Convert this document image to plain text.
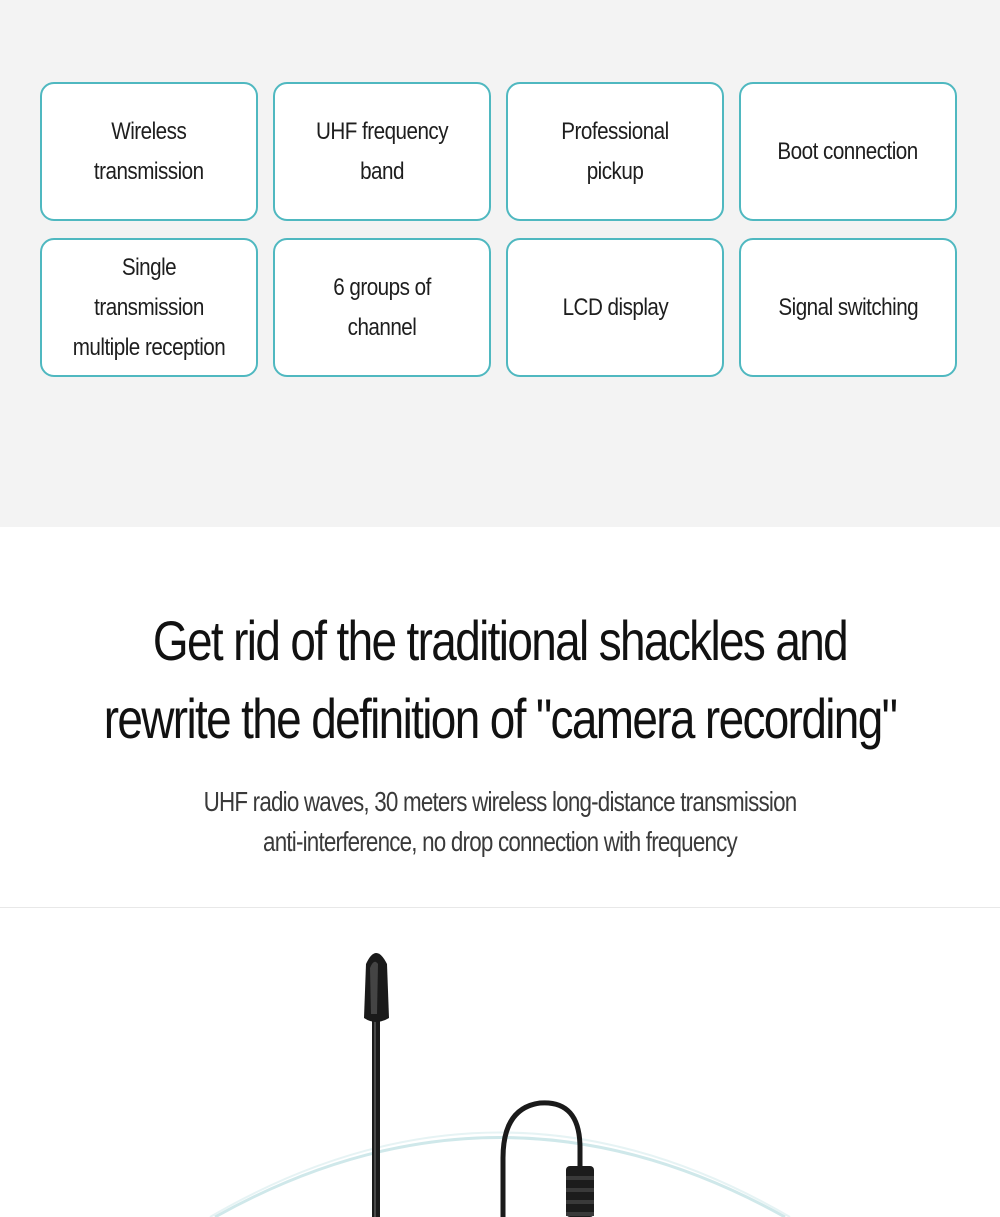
Wireless
transmission
UHF frequency band
Professional pickup
Boot connection
Single transmission
multiple reception
6 groups of channel
LCD display	Signal switching
Get rid of the traditional shackles and
rewrite the definition of "camera recording"

UHF radio waves, 30 meters wireless long-distance transmission
anti-interference, no drop connection with frequency
